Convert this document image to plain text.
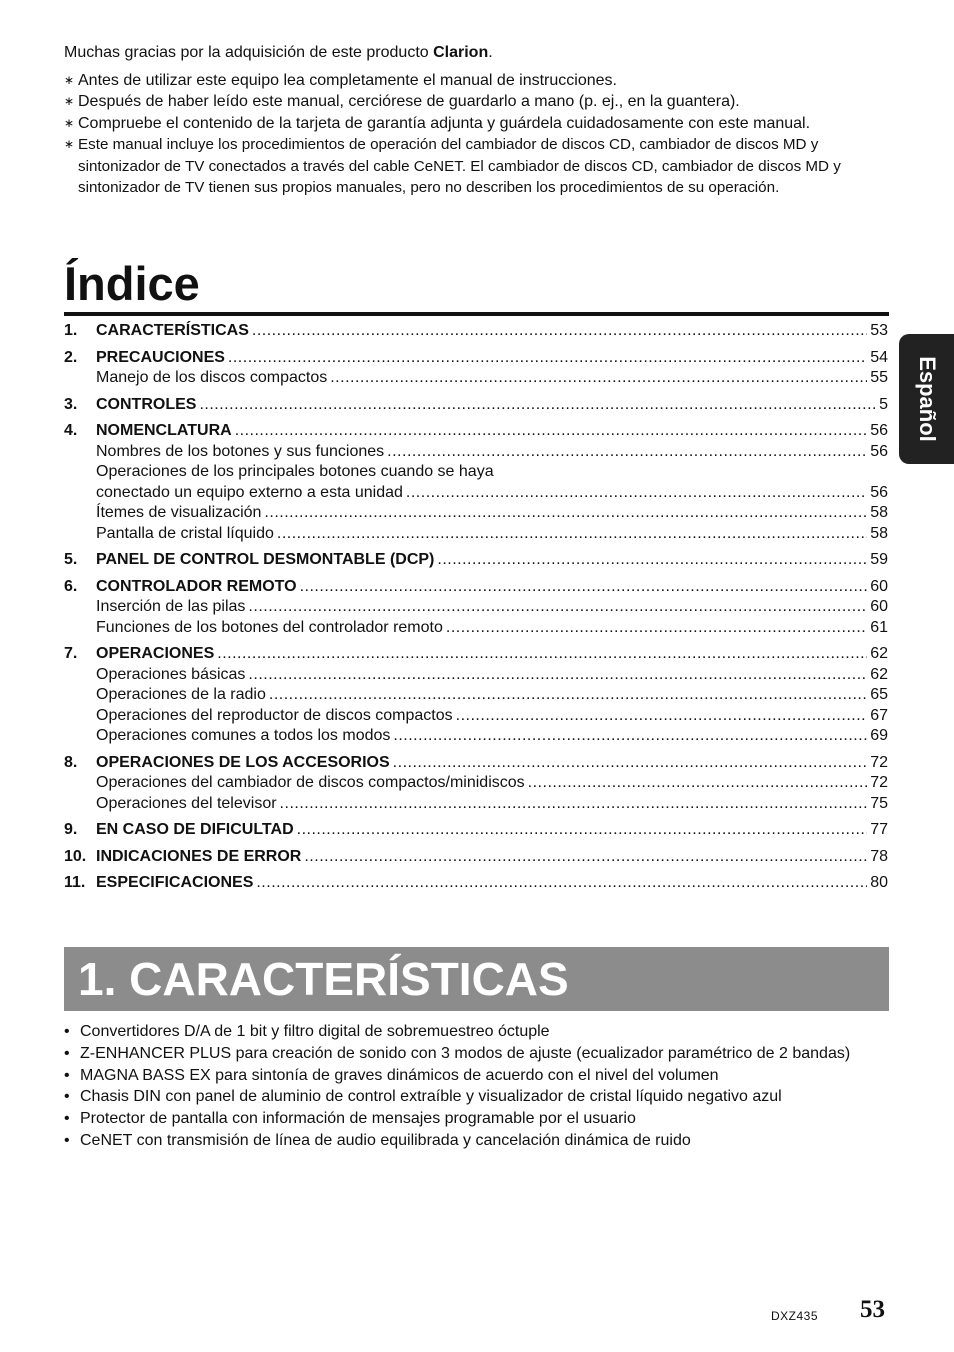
Muchas gracias por la adquisición de este producto Clarion.

∗ Antes de utilizar este equipo lea completamente el manual de instrucciones.
∗ Después de haber leído este manual, cerciórese de guardarlo a mano (p. ej., en la guantera).
∗ Compruebe el contenido de la tarjeta de garantía adjunta y guárdela cuidadosamente con este manual.
∗ Este manual incluye los procedimientos de operación del cambiador de discos CD, cambiador de discos MD y sintonizador de TV conectados a través del cable CeNET. El cambiador de discos CD, cambiador de discos MD y sintonizador de TV tienen sus propios manuales, pero no describen los procedimientos de su operación.
Índice
Español
1.	CARACTERÍSTICAS .....	53
2.	PRECAUCIONES .....	54
Manejo de los discos compactos .....	55
3.	CONTROLES .....	5
4.	NOMENCLATURA .....	56
Nombres de los botones y sus funciones .....	56
Operaciones de los principales botones cuando se haya
conectado un equipo externo a esta unidad .....	56
Ítemes de visualización .....	58
Pantalla de cristal líquido .....	58
5.	PANEL DE CONTROL DESMONTABLE (DCP) .....	59
6.	CONTROLADOR REMOTO .....	60
Inserción de las pilas .....	60
Funciones de los botones del controlador remoto .....	61
7.	OPERACIONES .....	62
Operaciones básicas .....	62
Operaciones de la radio .....	65
Operaciones del reproductor de discos compactos .....	67
Operaciones comunes a todos los modos .....	69
8.	OPERACIONES DE LOS ACCESORIOS .....	72
Operaciones del cambiador de discos compactos/minidiscos .....	72
Operaciones del televisor .....	75
9.	EN CASO DE DIFICULTAD .....	77
10. INDICACIONES DE ERROR .....	78
11. ESPECIFICACIONES .....	80
1. CARACTERÍSTICAS
• Convertidores D/A de 1 bit y filtro digital de sobremuestreo óctuple
• Z-ENHANCER PLUS para creación de sonido con 3 modos de ajuste (ecualizador paramétrico de 2 bandas)
• MAGNA BASS EX para sintonía de graves dinámicos de acuerdo con el nivel del volumen
• Chasis DIN con panel de aluminio de control extraíble y visualizador de cristal líquido negativo azul
• Protector de pantalla con información de mensajes programable por el usuario
• CeNET con transmisión de línea de audio equilibrada y cancelación dinámica de ruido
DXZ435 53
